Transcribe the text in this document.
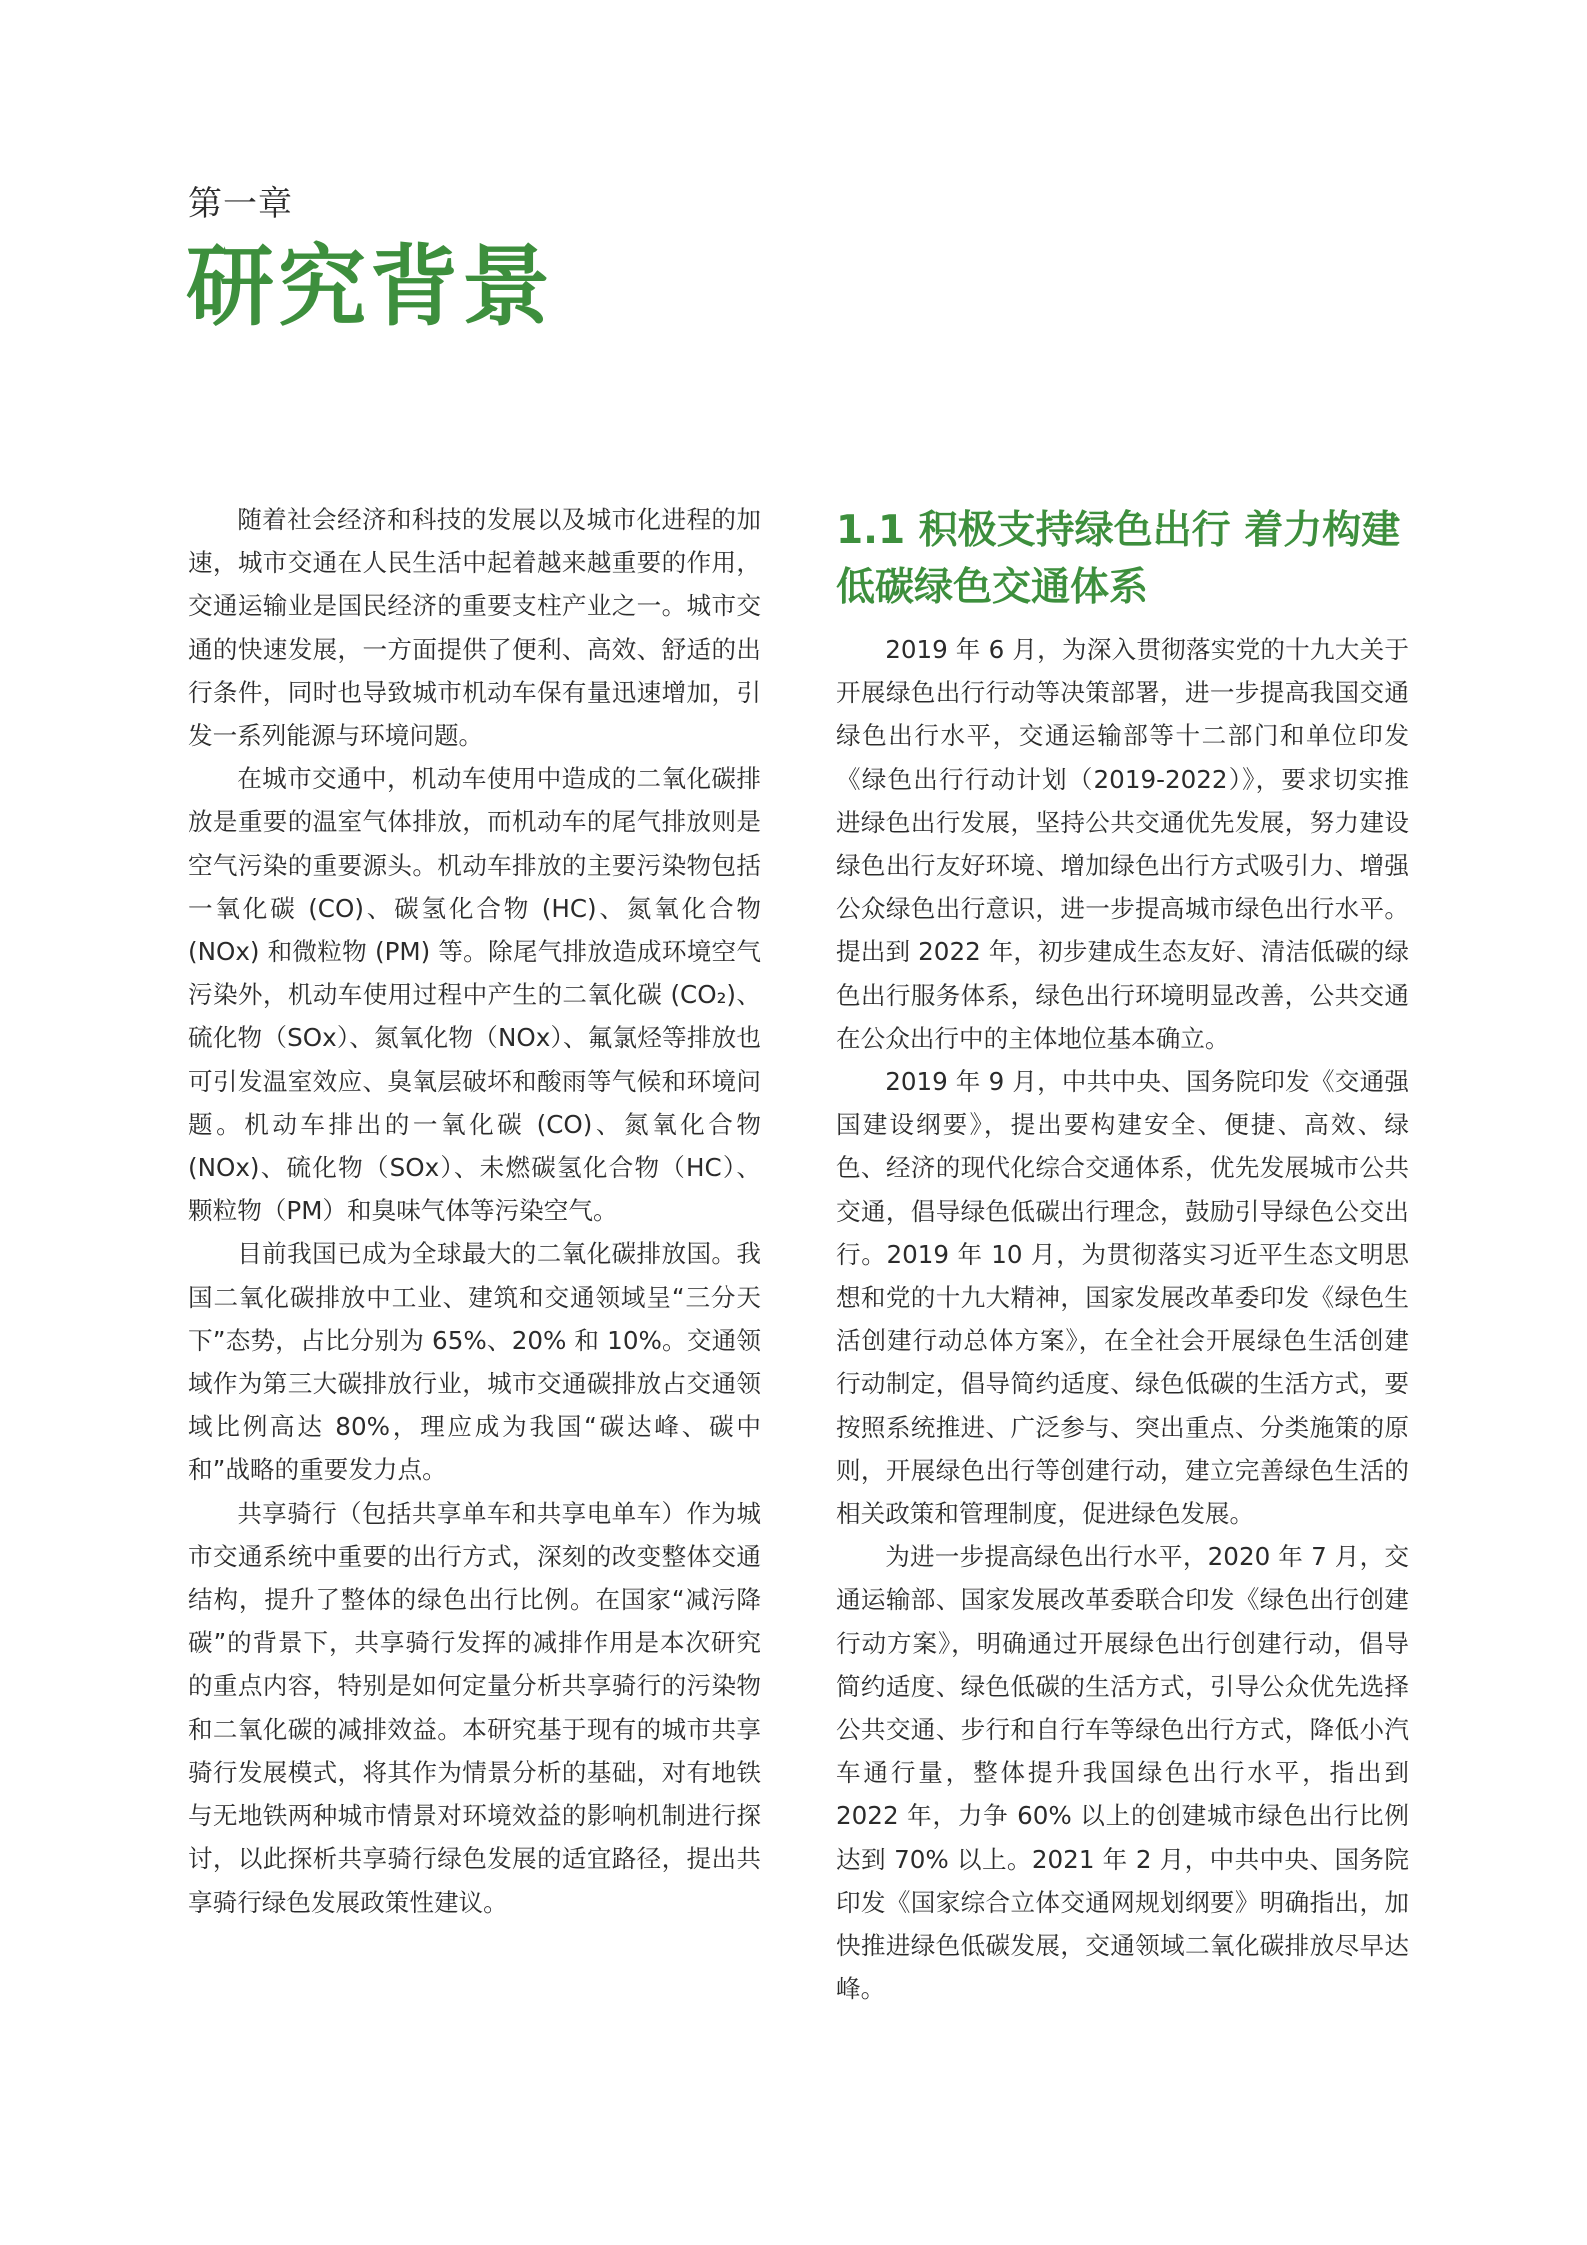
第一章
研究背景

随着社会经济和科技的发展以及城市化进程的加速，城市交通在人民生活中起着越来越重要的作用，交通运输业是国民经济的重要支柱产业之一。城市交通的快速发展，一方面提供了便利、高效、舒适的出行条件，同时也导致城市机动车保有量迅速增加，引发一系列能源与环境问题。

在城市交通中，机动车使用中造成的二氧化碳排放是重要的温室气体排放，而机动车的尾气排放则是空气污染的重要源头。机动车排放的主要污染物包括一氧化碳 (CO)、碳氢化合物 (HC)、氮氧化合物 (NOx) 和微粒物 (PM) 等。除尾气排放造成环境空气污染外，机动车使用过程中产生的二氧化碳 (CO₂)、硫化物（SOx）、氮氧化物（NOx）、氟氯烃等排放也可引发温室效应、臭氧层破坏和酸雨等气候和环境问题。机动车排出的一氧化碳 (CO)、氮氧化合物 (NOx)、硫化物（SOx）、未燃碳氢化合物（HC）、颗粒物（PM）和臭味气体等污染空气。

目前我国已成为全球最大的二氧化碳排放国。我国二氧化碳排放中工业、建筑和交通领域呈“三分天下”态势，占比分别为 65%、20% 和 10%。交通领域作为第三大碳排放行业，城市交通碳排放占交通领域比例高达 80%，理应成为我国“碳达峰、碳中和”战略的重要发力点。

共享骑行（包括共享单车和共享电单车）作为城市交通系统中重要的出行方式，深刻的改变整体交通结构，提升了整体的绿色出行比例。在国家“减污降碳”的背景下，共享骑行发挥的减排作用是本次研究的重点内容，特别是如何定量分析共享骑行的污染物和二氧化碳的减排效益。本研究基于现有的城市共享骑行发展模式，将其作为情景分析的基础，对有地铁与无地铁两种城市情景对环境效益的影响机制进行探讨，以此探析共享骑行绿色发展的适宜路径，提出共享骑行绿色发展政策性建议。

1.1 积极支持绿色出行 着力构建低碳绿色交通体系

2019 年 6 月，为深入贯彻落实党的十九大关于开展绿色出行行动等决策部署，进一步提高我国交通绿色出行水平，交通运输部等十二部门和单位印发《绿色出行行动计划（2019-2022）》，要求切实推进绿色出行发展，坚持公共交通优先发展，努力建设绿色出行友好环境、增加绿色出行方式吸引力、增强公众绿色出行意识，进一步提高城市绿色出行水平。提出到 2022 年，初步建成生态友好、清洁低碳的绿色出行服务体系，绿色出行环境明显改善，公共交通在公众出行中的主体地位基本确立。

2019 年 9 月，中共中央、国务院印发《交通强国建设纲要》，提出要构建安全、便捷、高效、绿色、经济的现代化综合交通体系，优先发展城市公共交通，倡导绿色低碳出行理念，鼓励引导绿色公交出行。2019 年 10 月，为贯彻落实习近平生态文明思想和党的十九大精神，国家发展改革委印发《绿色生活创建行动总体方案》，在全社会开展绿色生活创建行动制定，倡导简约适度、绿色低碳的生活方式，要按照系统推进、广泛参与、突出重点、分类施策的原则，开展绿色出行等创建行动，建立完善绿色生活的相关政策和管理制度，促进绿色发展。

为进一步提高绿色出行水平，2020 年 7 月，交通运输部、国家发展改革委联合印发《绿色出行创建行动方案》，明确通过开展绿色出行创建行动，倡导简约适度、绿色低碳的生活方式，引导公众优先选择公共交通、步行和自行车等绿色出行方式，降低小汽车通行量，整体提升我国绿色出行水平，指出到 2022 年，力争 60% 以上的创建城市绿色出行比例达到 70% 以上。2021 年 2 月，中共中央、国务院印发《国家综合立体交通网规划纲要》明确指出，加快推进绿色低碳发展，交通领域二氧化碳排放尽早达峰。
